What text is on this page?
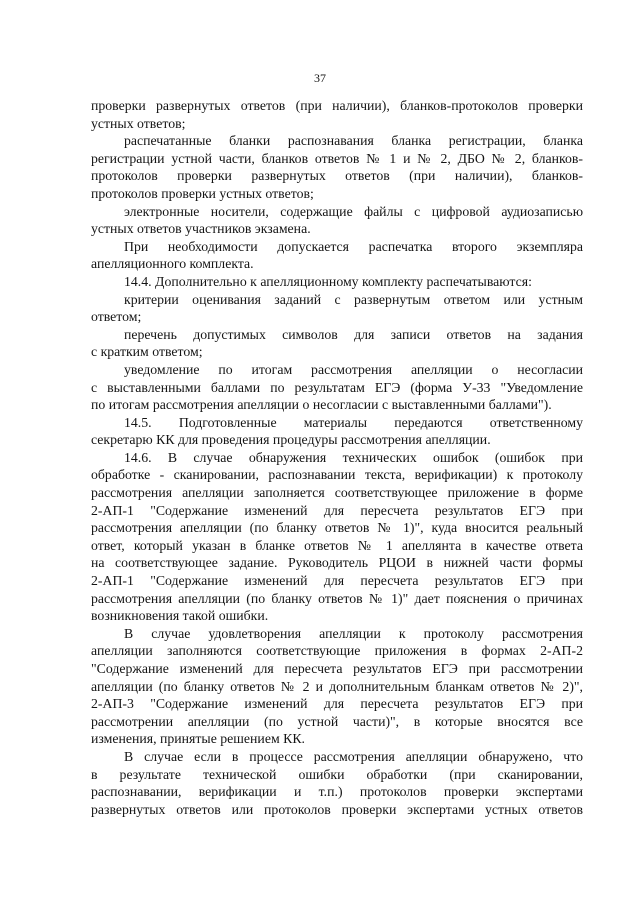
37
проверки развернутых ответов (при наличии), бланков-протоколов проверки
устных ответов;
распечатанные бланки распознавания бланка регистрации, бланка
регистрации устной части, бланков ответов № 1 и № 2, ДБО № 2, бланков-
протоколов проверки развернутых ответов (при наличии), бланков-
протоколов проверки устных ответов;
электронные носители, содержащие файлы с цифровой аудиозаписью
устных ответов участников экзамена.
При необходимости допускается распечатка второго экземпляра
апелляционного комплекта.
14.4. Дополнительно к апелляционному комплекту распечатываются:
критерии оценивания заданий с развернутым ответом или устным
ответом;
перечень допустимых символов для записи ответов на задания
с кратким ответом;
уведомление по итогам рассмотрения апелляции о несогласии
с выставленными баллами по результатам ЕГЭ (форма У-33 "Уведомление
по итогам рассмотрения апелляции о несогласии с выставленными баллами").
14.5. Подготовленные материалы передаются ответственному
секретарю КК для проведения процедуры рассмотрения апелляции.
14.6. В случае обнаружения технических ошибок (ошибок при
обработке - сканировании, распознавании текста, верификации) к протоколу
рассмотрения апелляции заполняется соответствующее приложение в форме
2-АП-1 "Содержание изменений для пересчета результатов ЕГЭ при
рассмотрения апелляции (по бланку ответов № 1)", куда вносится реальный
ответ, который указан в бланке ответов № 1 апеллянта в качестве ответа
на соответствующее задание. Руководитель РЦОИ в нижней части формы
2-АП-1 "Содержание изменений для пересчета результатов ЕГЭ при
рассмотрения апелляции (по бланку ответов № 1)" дает пояснения о причинах
возникновения такой ошибки.
В случае удовлетворения апелляции к протоколу рассмотрения
апелляции заполняются соответствующие приложения в формах 2-АП-2
"Содержание изменений для пересчета результатов ЕГЭ при рассмотрении
апелляции (по бланку ответов № 2 и дополнительным бланкам ответов № 2)",
2-АП-3 "Содержание изменений для пересчета результатов ЕГЭ при
рассмотрении апелляции (по устной части)", в которые вносятся все
изменения, принятые решением КК.
В случае если в процессе рассмотрения апелляции обнаружено, что
в результате технической ошибки обработки (при сканировании,
распознавании, верификации и т.п.) протоколов проверки экспертами
развернутых ответов или протоколов проверки экспертами устных ответов
